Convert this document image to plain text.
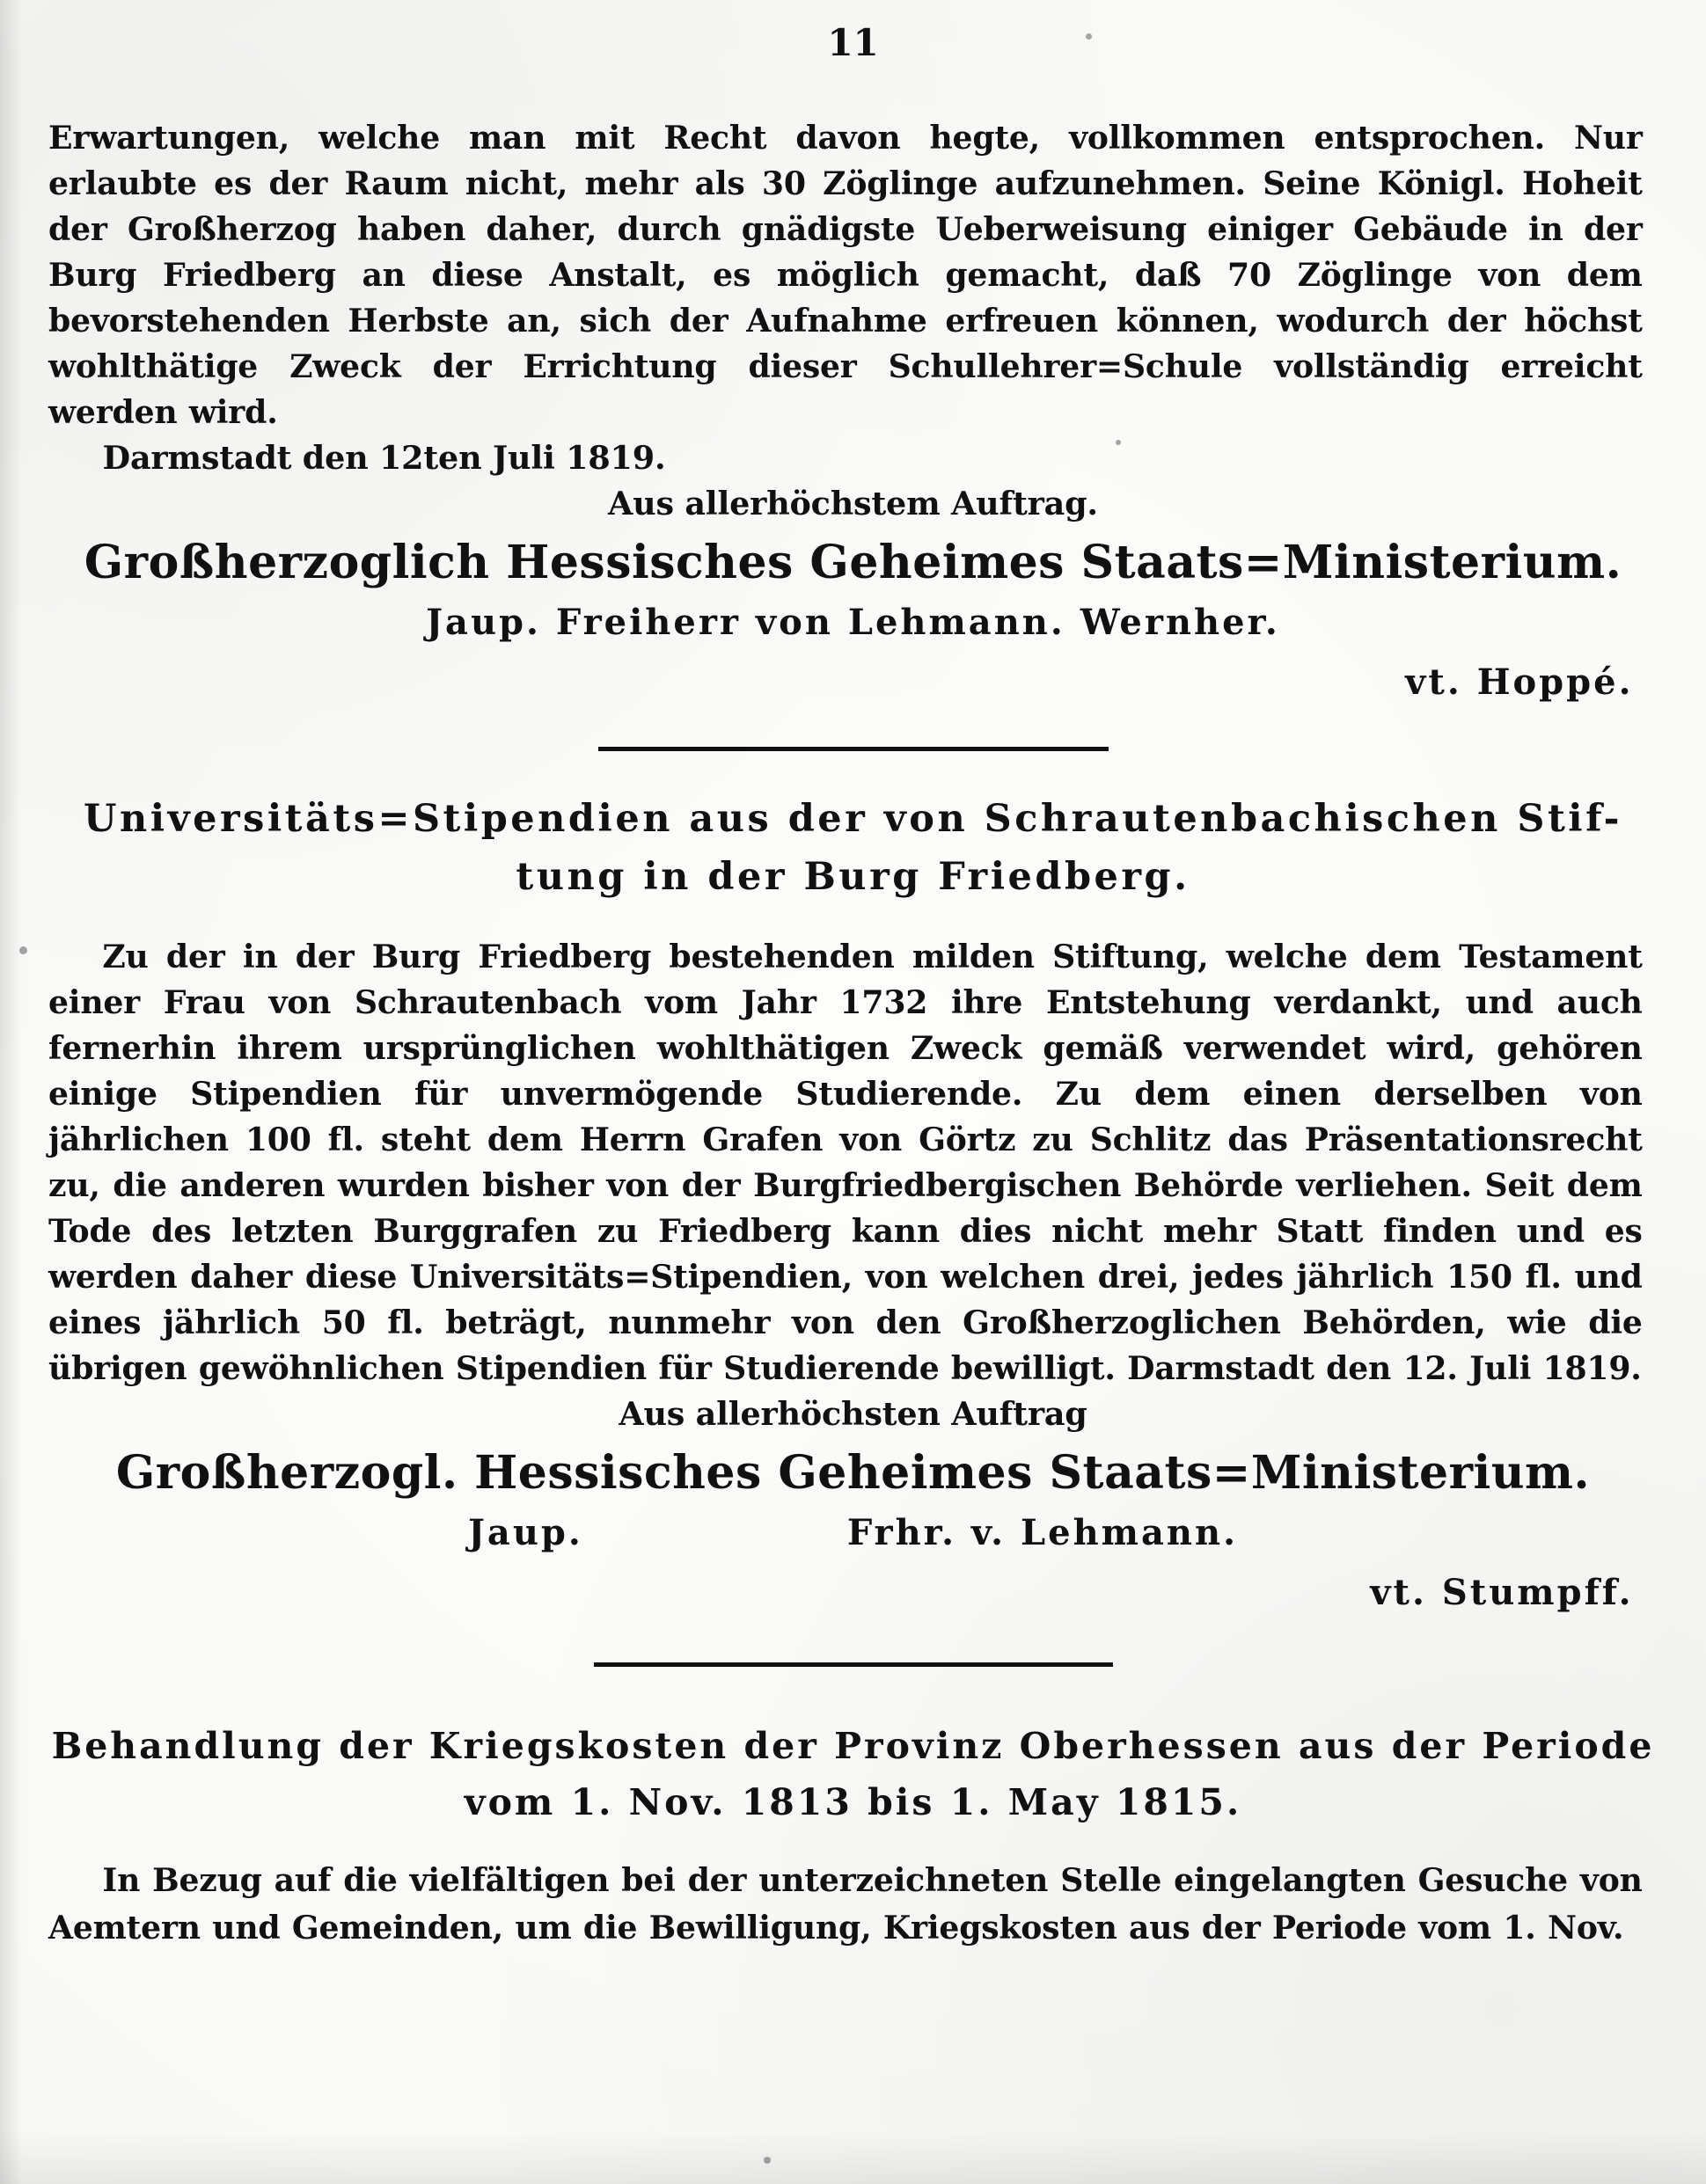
11

Erwartungen, welche man mit Recht davon hegte, vollkommen entsprochen. Nur erlaubte es der Raum nicht, mehr als 30 Zöglinge aufzunehmen. Seine Königl. Hoheit der Großherzog haben daher, durch gnädigste Ueberweisung einiger Gebäude in der Burg Friedberg an diese Anstalt, es möglich gemacht, daß 70 Zöglinge von dem bevorstehenden Herbste an, sich der Aufnahme erfreuen können, wodurch der höchst wohlthätige Zweck der Errichtung dieser Schullehrer=Schule vollständig erreicht werden wird.

Darmstadt den 12ten Juli 1819.

Aus allerhöchstem Auftrag.

Großherzoglich Hessisches Geheimes Staats=Ministerium.

Jaup. Freiherr von Lehmann. Wernher.

vt. Hoppé.

Universitäts=Stipendien aus der von Schrautenbachischen Stif-
tung in der Burg Friedberg.

Zu der in der Burg Friedberg bestehenden milden Stiftung, welche dem Testament einer Frau von Schrautenbach vom Jahr 1732 ihre Entstehung verdankt, und auch fernerhin ihrem ursprünglichen wohlthätigen Zweck gemäß verwendet wird, gehören einige Stipendien für unvermögende Studierende. Zu dem einen derselben von jährlichen 100 fl. steht dem Herrn Grafen von Görtz zu Schlitz das Präsentationsrecht zu, die anderen wurden bisher von der Burgfriedbergischen Behörde verliehen. Seit dem Tode des letzten Burggrafen zu Friedberg kann dies nicht mehr Statt finden und es werden daher diese Universitäts=Stipendien, von welchen drei, jedes jährlich 150 fl. und eines jährlich 50 fl. beträgt, nunmehr von den Großherzoglichen Behörden, wie die übrigen gewöhnlichen Stipendien für Studierende bewilligt. Darmstadt den 12. Juli 1819.

Aus allerhöchsten Auftrag

Großherzogl. Hessisches Geheimes Staats=Ministerium.

Jaup.	Frhr. v. Lehmann.

vt. Stumpff.

Behandlung der Kriegskosten der Provinz Oberhessen aus der Periode vom 1. Nov. 1813 bis 1. May 1815.

In Bezug auf die vielfältigen bei der unterzeichneten Stelle eingelangten Gesuche von Aemtern und Gemeinden, um die Bewilligung, Kriegskosten aus der Periode vom 1. Nov.
